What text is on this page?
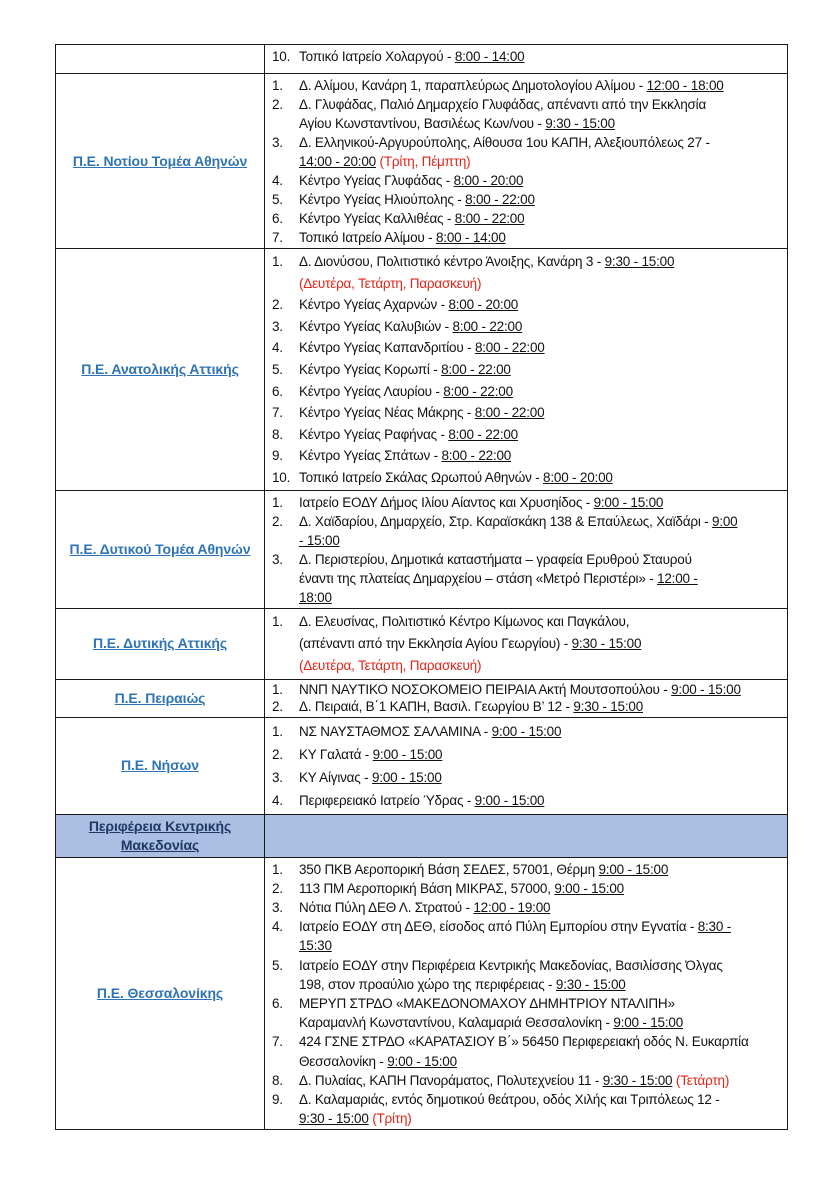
10. Τοπικό Ιατρείο Χολαργού - 8:00 - 14:00
Π.Ε. Νοτίου Τομέα Αθηνών
1.	Δ. Αλίμου, Κανάρη 1, παραπλεύρως Δημοτολογίου Αλίμου - 12:00 - 18:00
2.	Δ. Γλυφάδας, Παλιό Δημαρχείο Γλυφάδας, απέναντι από την Εκκλησία
Αγίου Κωνσταντίνου, Βασιλέως Κων/νου - 9:30 - 15:00
3.	Δ. Ελληνικού-Αργυρούπολης, Αίθουσα 1ου ΚΑΠΗ, Αλεξιουπόλεως 27 -
14:00 - 20:00 (Τρίτη, Πέμπτη)
4.	Κέντρο Υγείας Γλυφάδας - 8:00 - 20:00
5.	Κέντρο Υγείας Ηλιούπολης - 8:00 - 22:00
6.	Κέντρο Υγείας Καλλιθέας - 8:00 - 22:00
7.	Τοπικό Ιατρείο Αλίμου - 8:00 - 14:00
Π.Ε. Ανατολικής Αττικής
1.	Δ. Διονύσου, Πολιτιστικό κέντρο Άνοιξης, Κανάρη 3 - 9:30 - 15:00
(Δευτέρα, Τετάρτη, Παρασκευή)
2.	Κέντρο Υγείας Αχαρνών - 8:00 - 20:00
3.	Κέντρο Υγείας Καλυβιών - 8:00 - 22:00
4.	Κέντρο Υγείας Καπανδριτίου - 8:00 - 22:00
5.	Κέντρο Υγείας Κορωπί - 8:00 - 22:00
6.	Κέντρο Υγείας Λαυρίου - 8:00 - 22:00
7.	Κέντρο Υγείας Νέας Μάκρης - 8:00 - 22:00
8.	Κέντρο Υγείας Ραφήνας - 8:00 - 22:00
9.	Κέντρο Υγείας Σπάτων - 8:00 - 22:00
10. Τοπικό Ιατρείο Σκάλας Ωρωπού Αθηνών - 8:00 - 20:00
Π.Ε. Δυτικού Τομέα Αθηνών
1.	Ιατρείο ΕΟΔΥ Δήμος Ιλίου Αίαντος και Χρυσηίδος - 9:00 - 15:00
2.	Δ. Χαϊδαρίου, Δημαρχείο, Στρ. Καραϊσκάκη 138 & Επαύλεως, Χαϊδάρι - 9:00
- 15:00
3.	Δ. Περιστερίου, Δημοτικά καταστήματα – γραφεία Ερυθρού Σταυρού
έναντι της πλατείας Δημαρχείου – στάση «Μετρό Περιστέρι» - 12:00 -
18:00
Π.Ε. Δυτικής Αττικής
1.	Δ. Ελευσίνας, Πολιτιστικό Κέντρο Κίμωνος και Παγκάλου,
(απέναντι από την Εκκλησία Αγίου Γεωργίου) - 9:30 - 15:00
(Δευτέρα, Τετάρτη, Παρασκευή)
Π.Ε. Πειραιώς
1.	ΝΝΠ ΝΑΥΤΙΚΟ ΝΟΣΟΚΟΜΕΙΟ ΠΕΙΡΑΙΑ Ακτή Μουτσοπούλου - 9:00 - 15:00
2.	Δ. Πειραιά, Β΄1 ΚΑΠΗ, Βασιλ. Γεωργίου Β’ 12 - 9:30 - 15:00
Π.Ε. Νήσων
1.	ΝΣ ΝΑΥΣΤΑΘΜΟΣ ΣΑΛΑΜΙΝΑ - 9:00 - 15:00
2.	ΚΥ Γαλατά - 9:00 - 15:00
3.	ΚΥ Αίγινας - 9:00 - 15:00
4.	Περιφερειακό Ιατρείο Ύδρας - 9:00 - 15:00
Περιφέρεια Κεντρικής Μακεδονίας
Π.Ε. Θεσσαλονίκης
1.	350 ΠΚΒ Αεροπορική Βάση ΣΕΔΕΣ, 57001, Θέρμη 9:00 - 15:00
2.	113 ΠΜ Αεροπορική Βάση ΜΙΚΡΑΣ, 57000, 9:00 - 15:00
3.	Νότια Πύλη ΔΕΘ Λ. Στρατού - 12:00 - 19:00
4.	Ιατρείο ΕΟΔΥ στη ΔΕΘ, είσοδος από Πύλη Εμπορίου στην Εγνατία - 8:30 -
15:30
5.	Ιατρείο ΕΟΔΥ στην Περιφέρεια Κεντρικής Μακεδονίας, Βασιλίσσης Όλγας
198, στον προαύλιο χώρο της περιφέρειας - 9:30 - 15:00
6.	ΜΕΡΥΠ ΣΤΡΔΟ «ΜΑΚΕΔΟΝΟΜΑΧΟΥ ΔΗΜΗΤΡΙΟΥ ΝΤΑΛΙΠΗ»
Καραμανλή Κωνσταντίνου, Καλαμαριά Θεσσαλονίκη - 9:00 - 15:00
7.	424 ΓΣΝΕ ΣΤΡΔΟ «ΚΑΡΑΤΑΣΙΟΥ Β΄» 56450 Περιφερειακή οδός Ν. Ευκαρπία
Θεσσαλονίκη - 9:00 - 15:00
8.	Δ. Πυλαίας, ΚΑΠΗ Πανοράματος, Πολυτεχνείου 11 - 9:30 - 15:00 (Τετάρτη)
9.	Δ. Καλαμαριάς, εντός δημοτικού θεάτρου, οδός Χιλής και Τριπόλεως 12 -
9:30 - 15:00 (Τρίτη)
